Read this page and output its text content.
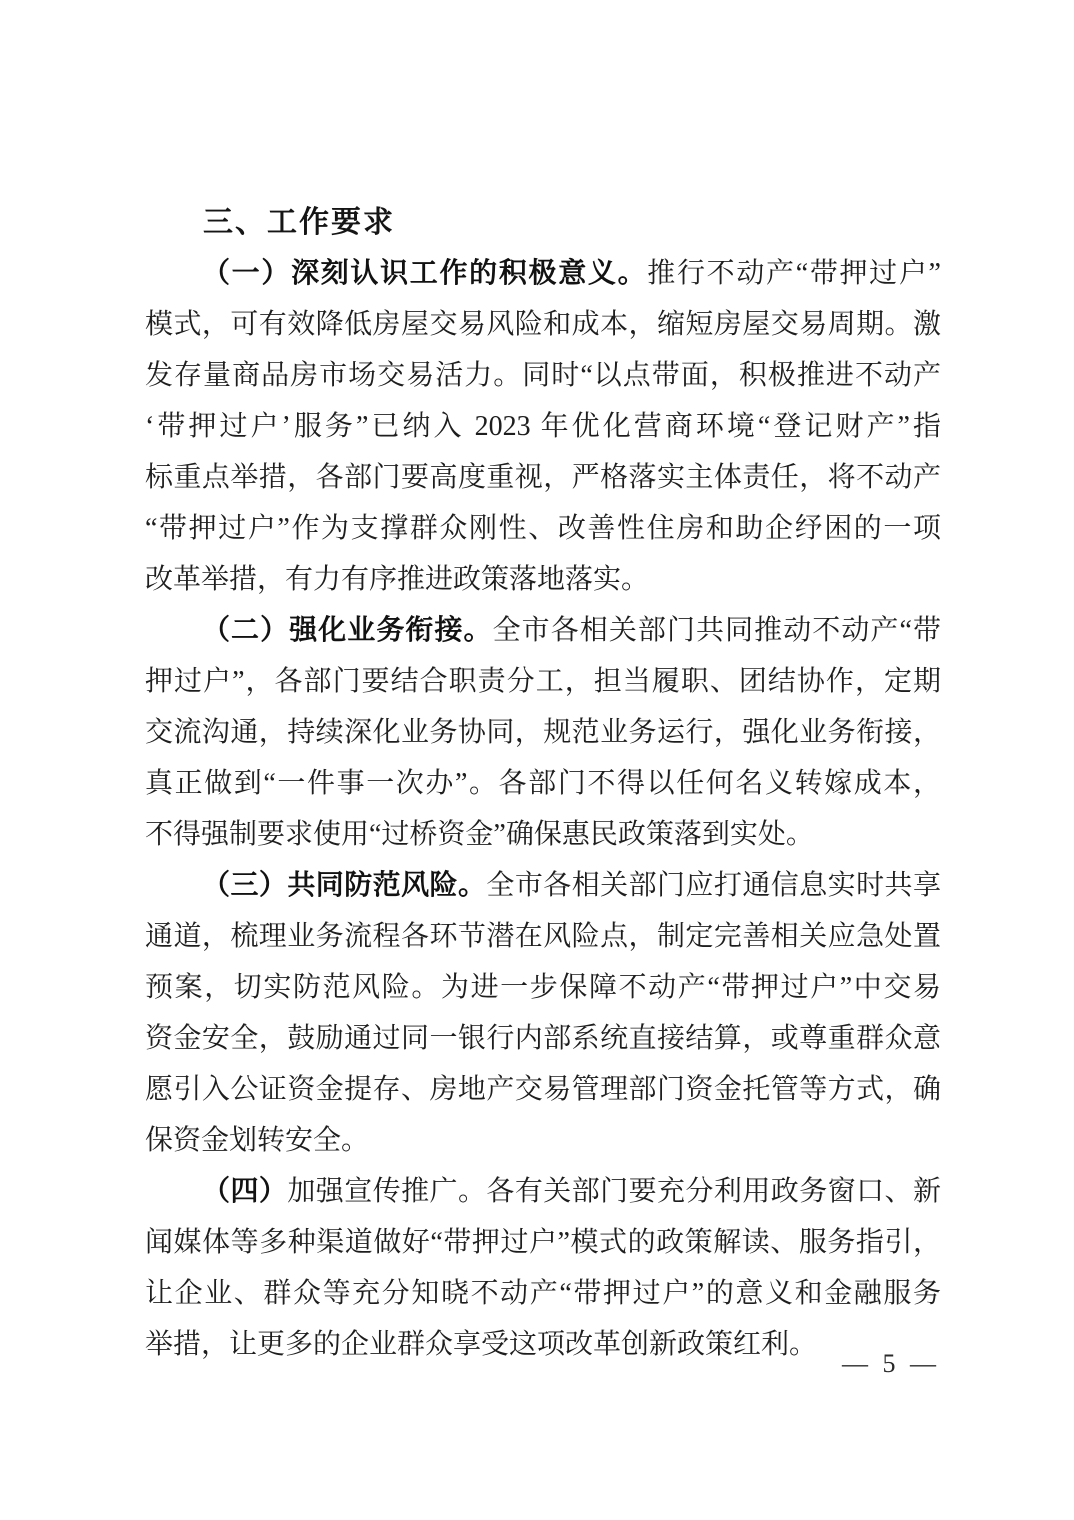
三、工作要求
（一）深刻认识工作的积极意义。推行不动产“带押过户”
模式，可有效降低房屋交易风险和成本，缩短房屋交易周期。激
发存量商品房市场交易活力。同时“以点带面，积极推进不动产
‘带押过户’服务”已纳入 2023 年优化营商环境“登记财产”指
标重点举措，各部门要高度重视，严格落实主体责任，将不动产
“带押过户”作为支撑群众刚性、改善性住房和助企纾困的一项
改革举措，有力有序推进政策落地落实。
（二）强化业务衔接。全市各相关部门共同推动不动产“带
押过户”，各部门要结合职责分工，担当履职、团结协作，定期
交流沟通，持续深化业务协同，规范业务运行，强化业务衔接，
真正做到“一件事一次办”。各部门不得以任何名义转嫁成本，
不得强制要求使用“过桥资金”确保惠民政策落到实处。
（三）共同防范风险。全市各相关部门应打通信息实时共享
通道，梳理业务流程各环节潜在风险点，制定完善相关应急处置
预案，切实防范风险。为进一步保障不动产“带押过户”中交易
资金安全，鼓励通过同一银行内部系统直接结算，或尊重群众意
愿引入公证资金提存、房地产交易管理部门资金托管等方式，确
保资金划转安全。
（四）加强宣传推广。各有关部门要充分利用政务窗口、新
闻媒体等多种渠道做好“带押过户”模式的政策解读、服务指引，
让企业、群众等充分知晓不动产“带押过户”的意义和金融服务
举措，让更多的企业群众享受这项改革创新政策红利。
— 5 —
